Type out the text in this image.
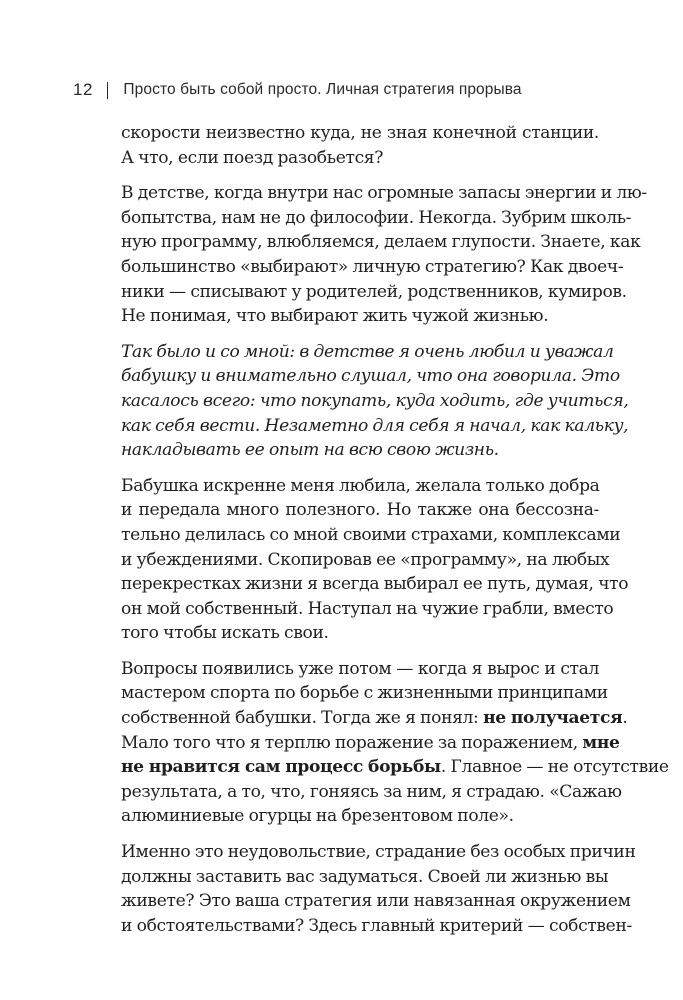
12 Просто быть собой просто. Личная стратегия прорыва

скорости неизвестно куда, не зная конечной станции.
А что, если поезд разобьется?

В детстве, когда внутри нас огромные запасы энергии и лю-
бопытства, нам не до философии. Некогда. Зубрим школь-
ную программу, влюбляемся, делаем глупости. Знаете, как
большинство «выбирают» личную стратегию? Как двоеч-
ники — списывают у родителей, родственников, кумиров.
Не понимая, что выбирают жить чужой жизнью.

Так было и со мной: в детстве я очень любил и уважал
бабушку и внимательно слушал, что она говорила. Это
касалось всего: что покупать, куда ходить, где учиться,
как себя вести. Незаметно для себя я начал, как кальку,
накладывать ее опыт на всю свою жизнь.

Бабушка искренне меня любила, желала только добра
и передала много полезного. Но также она бессозна-
тельно делилась со мной своими страхами, комплексами
и убеждениями. Скопировав ее «программу», на любых
перекрестках жизни я всегда выбирал ее путь, думая, что
он мой собственный. Наступал на чужие грабли, вместо
того чтобы искать свои.

Вопросы появились уже потом — когда я вырос и стал
мастером спорта по борьбе с жизненными принципами
собственной бабушки. Тогда же я понял: не получается.
Мало того что я терплю поражение за поражением, мне
не нравится сам процесс борьбы. Главное — не отсутствие
результата, а то, что, гоняясь за ним, я страдаю. «Сажаю
алюминиевые огурцы на брезентовом поле».

Именно это неудовольствие, страдание без особых причин
должны заставить вас задуматься. Своей ли жизнью вы
живете? Это ваша стратегия или навязанная окружением
и обстоятельствами? Здесь главный критерий — собствен-
